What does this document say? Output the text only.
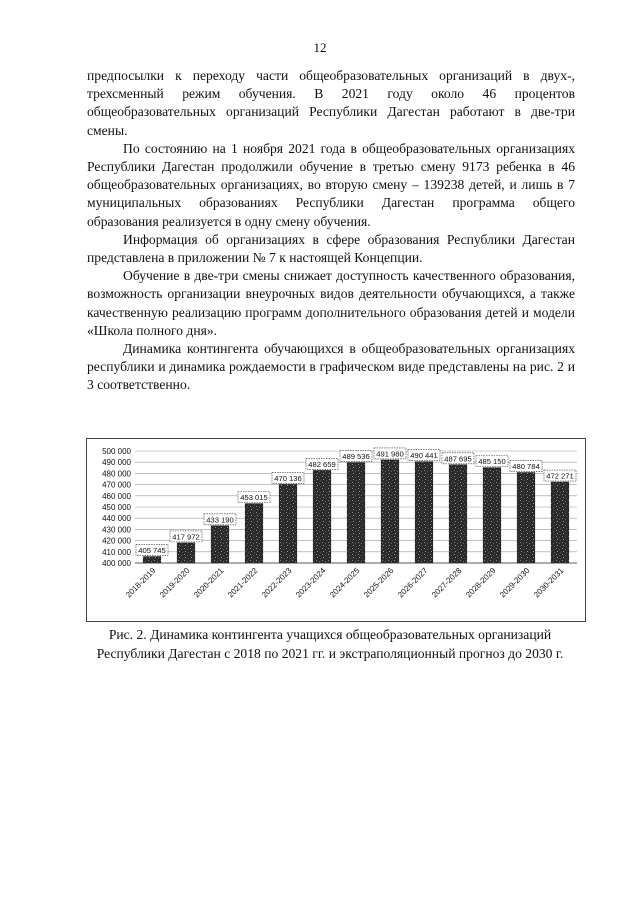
12

предпосылки к переходу части общеобразовательных организаций в двух-, трехсменный режим обучения. В 2021 году около 46 процентов общеобразовательных организаций Республики Дагестан работают в две-три смены.

По состоянию на 1 ноября 2021 года в общеобразовательных организациях Республики Дагестан продолжили обучение в третью смену 9173 ребенка в 46 общеобразовательных организациях, во вторую смену – 139238 детей, и лишь в 7 муниципальных образованиях Республики Дагестан программа общего образования реализуется в одну смену обучения.

Информация об организациях в сфере образования Республики Дагестан представлена в приложении № 7 к настоящей Концепции.

Обучение в две-три смены снижает доступность качественного образования, возможность организации внеурочных видов деятельности обучающихся, а также качественную реализацию программ дополнительного образования детей и модели «Школа полного дня».

Динамика контингента обучающихся в общеобразовательных организациях республики и динамика рождаемости в графическом виде представлены на рис. 2 и 3 соответственно.

400 000
410 000
420 000
430 000
440 000
450 000
460 000
470 000
480 000
490 000
500 000
405 745
2018-2019
417 972
2019-2020
433 190
2020-2021
453 015
2021-2022
470 136
2022-2023
482 659
2023-2024
489 536
2024-2025
491 980
2025-2026
490 441
2026-2027
487 695
2027-2028
485 150
2028-2029
480 784
2029-2030
472 271
2030-2031
Рис. 2. Динамика контингента учащихся общеобразовательных организаций Республики Дагестан с 2018 по 2021 гг. и экстраполяционный прогноз до 2030 г.
